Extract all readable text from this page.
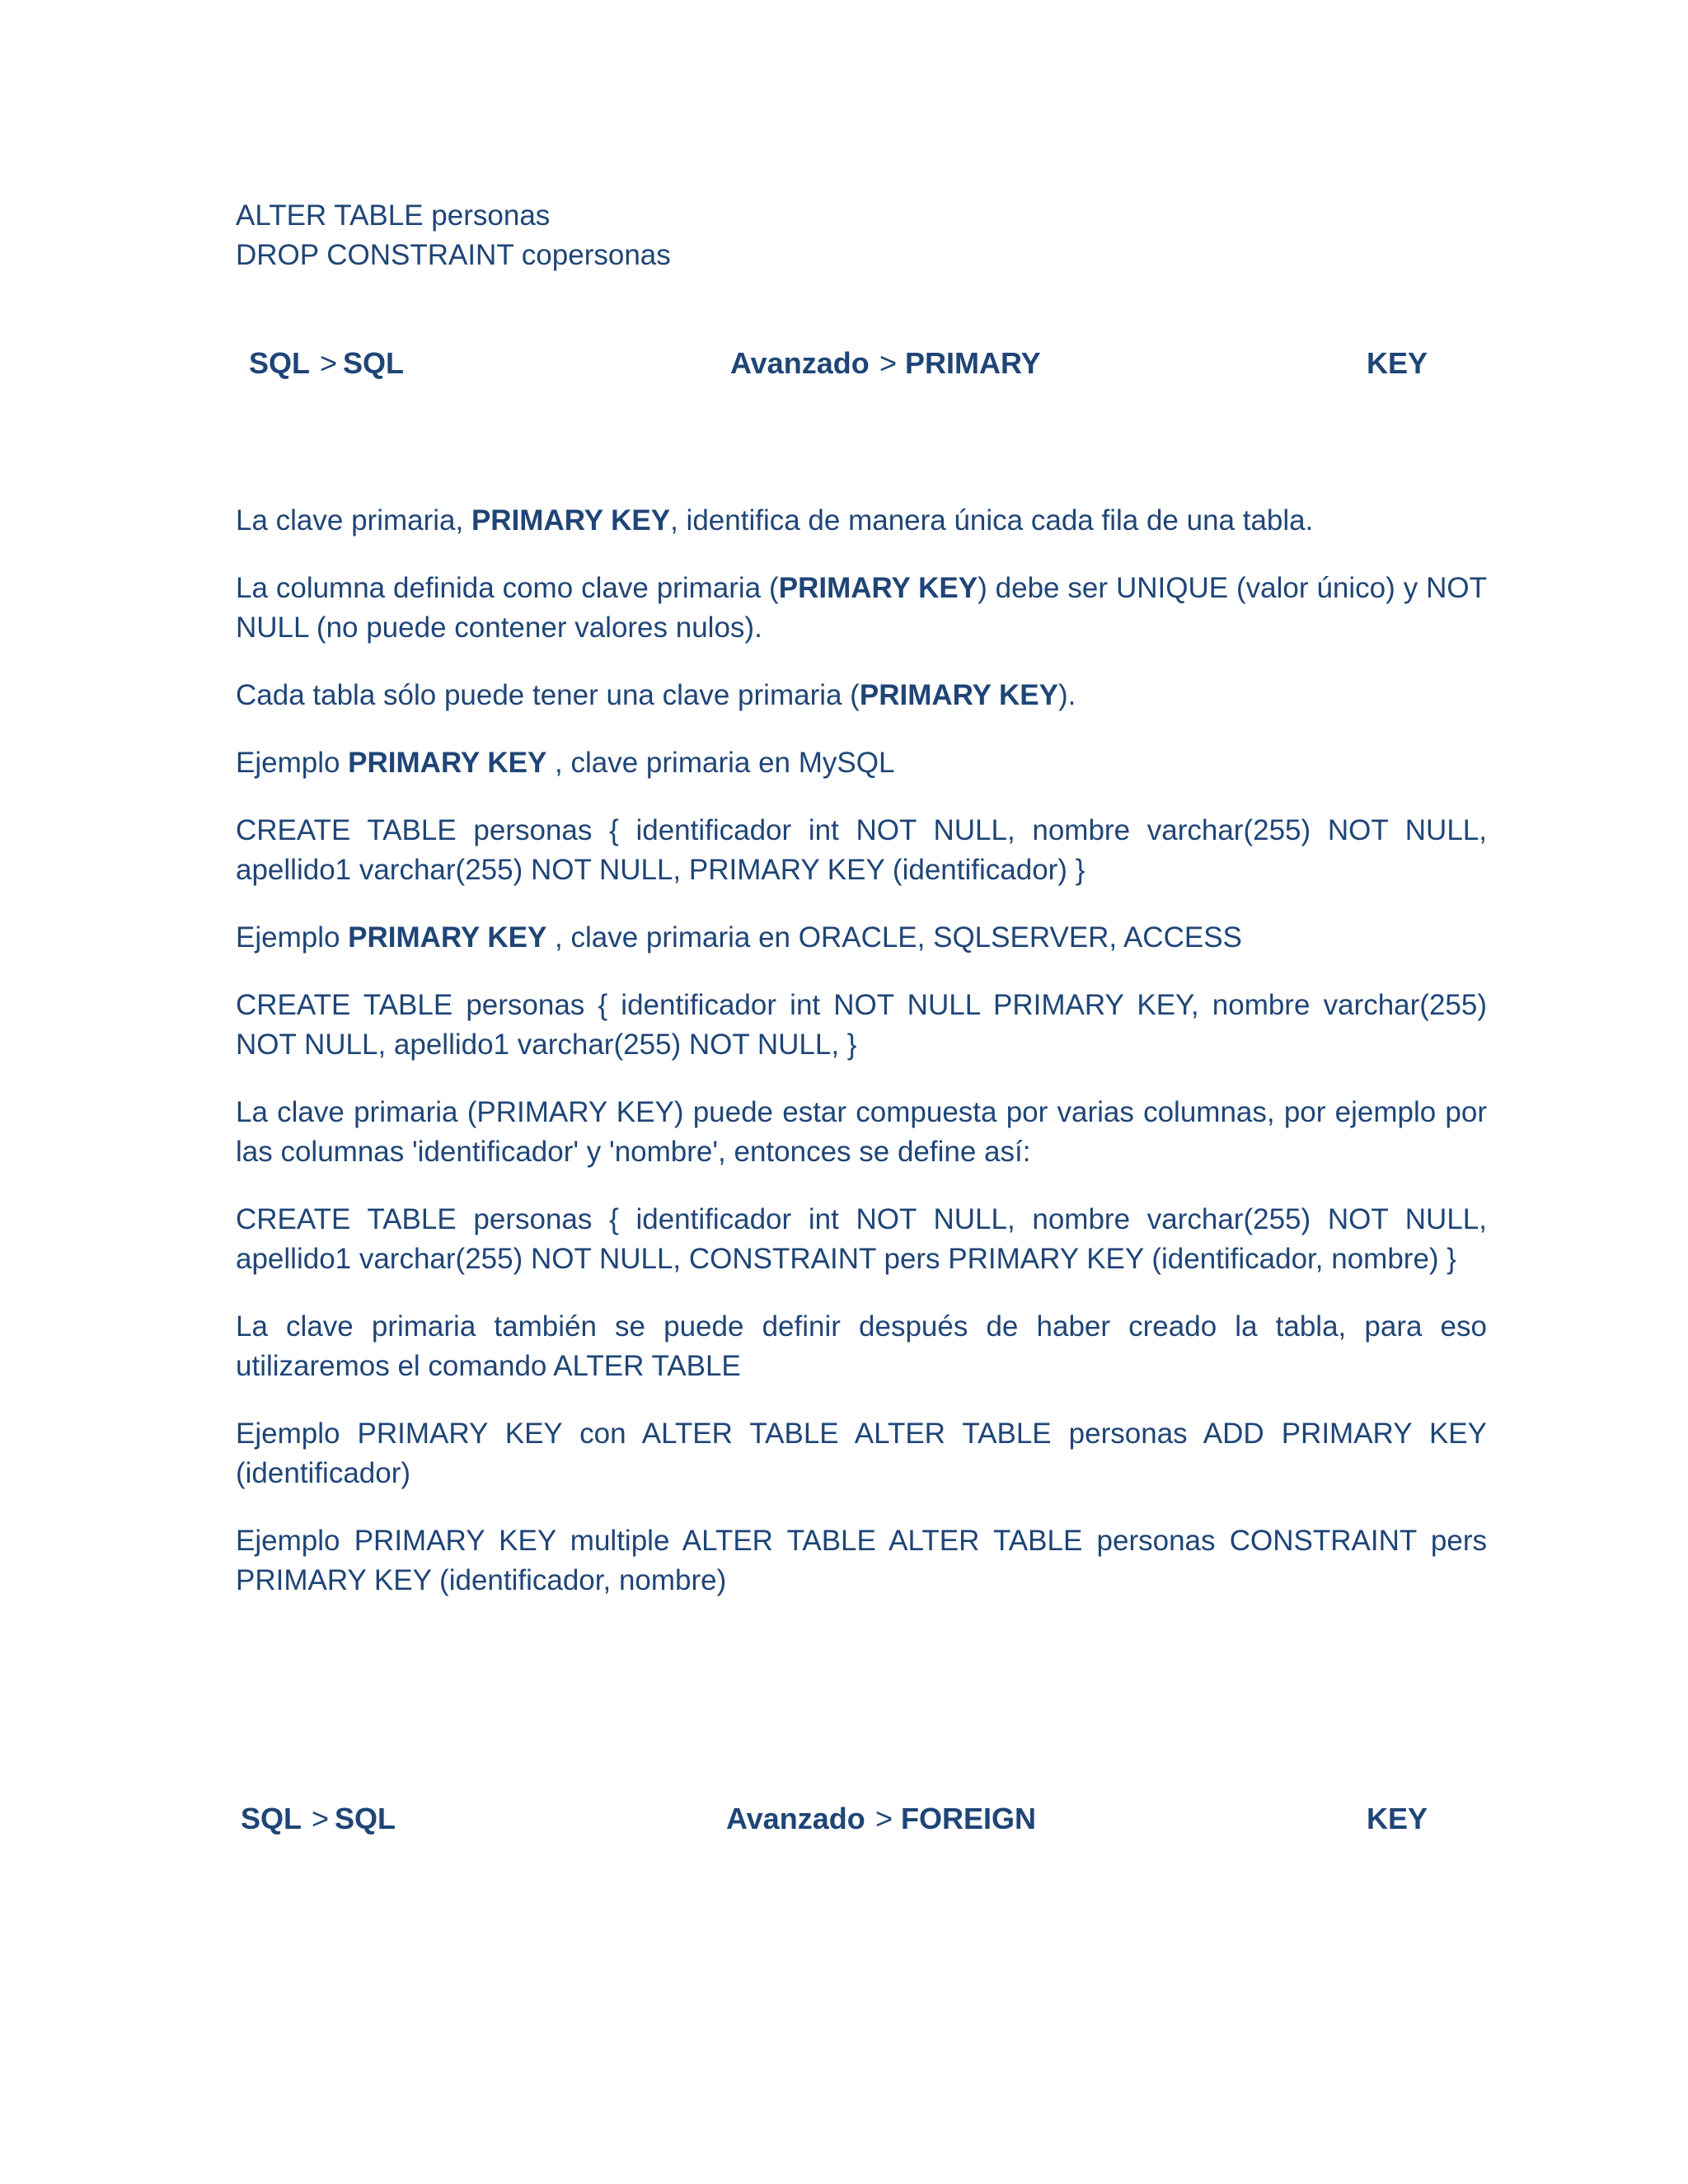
ALTER TABLE personas
DROP CONSTRAINT copersonas
SQL > SQL	Avanzado > PRIMARY	KEY

La clave primaria, PRIMARY KEY, identifica de manera única cada fila de una tabla.

La columna definida como clave primaria (PRIMARY KEY) debe ser UNIQUE (valor único) y NOT NULL (no puede contener valores nulos).

Cada tabla sólo puede tener una clave primaria (PRIMARY KEY).

Ejemplo PRIMARY KEY , clave primaria en MySQL

CREATE TABLE personas { identificador int NOT NULL, nombre varchar(255) NOT NULL, apellido1 varchar(255) NOT NULL, PRIMARY KEY (identificador) }

Ejemplo PRIMARY KEY , clave primaria en ORACLE, SQLSERVER, ACCESS

CREATE TABLE personas { identificador int NOT NULL PRIMARY KEY, nombre varchar(255) NOT NULL, apellido1 varchar(255) NOT NULL, }

La clave primaria (PRIMARY KEY) puede estar compuesta por varias columnas, por ejemplo por las columnas 'identificador' y 'nombre', entonces se define así:

CREATE TABLE personas { identificador int NOT NULL, nombre varchar(255) NOT NULL, apellido1 varchar(255) NOT NULL, CONSTRAINT pers PRIMARY KEY (identificador, nombre) }

La clave primaria también se puede definir después de haber creado la tabla, para eso utilizaremos el comando ALTER TABLE

Ejemplo PRIMARY KEY con ALTER TABLE ALTER TABLE personas ADD PRIMARY KEY (identificador)

Ejemplo PRIMARY KEY multiple ALTER TABLE ALTER TABLE personas CONSTRAINT pers PRIMARY KEY (identificador, nombre)

SQL > SQL	Avanzado > FOREIGN	KEY
